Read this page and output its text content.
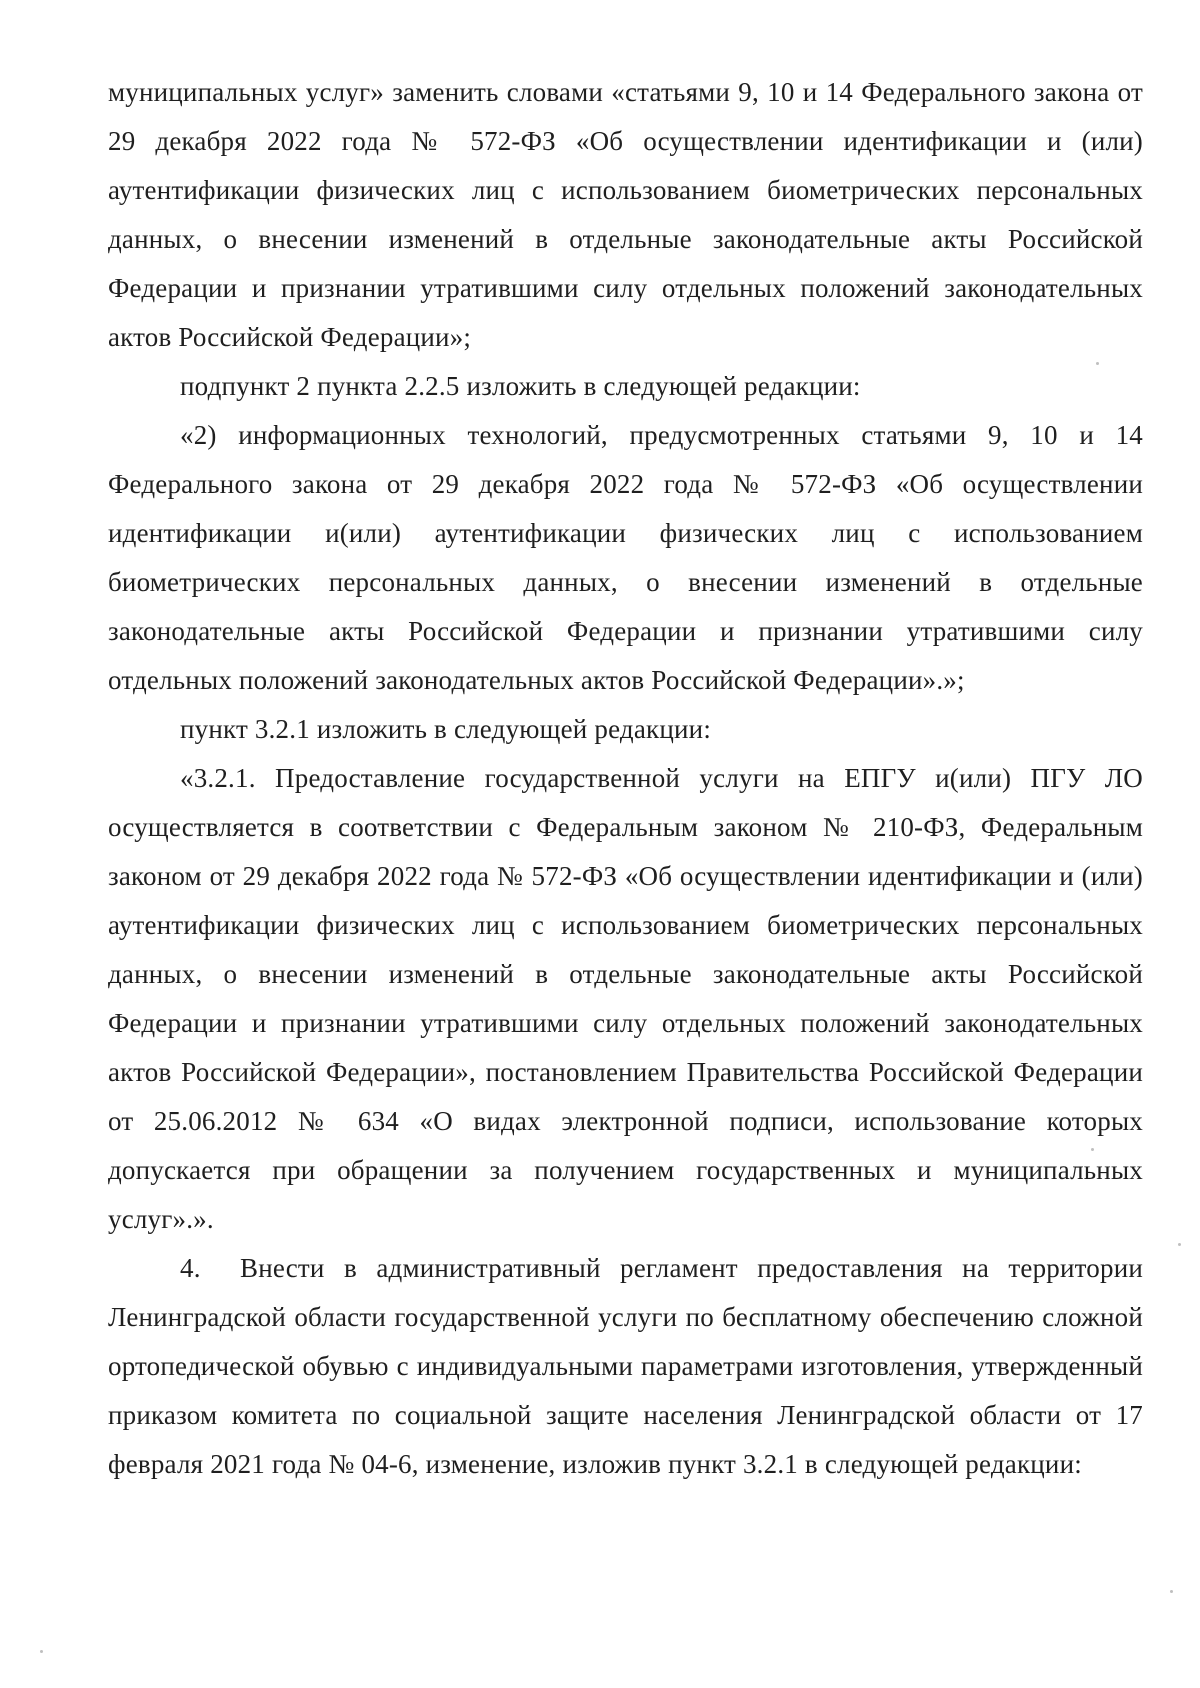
муниципальных услуг» заменить словами «статьями 9, 10 и 14 Федерального закона от 29 декабря 2022 года № 572-ФЗ «Об осуществлении идентификации и (или) аутентификации физических лиц с использованием биометрических персональных данных, о внесении изменений в отдельные законодательные акты Российской Федерации и признании утратившими силу отдельных положений законодательных актов Российской Федерации»;

подпункт 2 пункта 2.2.5 изложить в следующей редакции:

«2) информационных технологий, предусмотренных статьями 9, 10 и 14 Федерального закона от 29 декабря 2022 года № 572-ФЗ «Об осуществлении идентификации и(или) аутентификации физических лиц с использованием биометрических персональных данных, о внесении изменений в отдельные законодательные акты Российской Федерации и признании утратившими силу отдельных положений законодательных актов Российской Федерации».»;

пункт 3.2.1 изложить в следующей редакции:

«3.2.1. Предоставление государственной услуги на ЕПГУ и(или) ПГУ ЛО осуществляется в соответствии с Федеральным законом № 210-ФЗ, Федеральным законом от 29 декабря 2022 года № 572-ФЗ «Об осуществлении идентификации и (или) аутентификации физических лиц с использованием биометрических персональных данных, о внесении изменений в отдельные законодательные акты Российской Федерации и признании утратившими силу отдельных положений законодательных актов Российской Федерации», постановлением Правительства Российской Федерации от 25.06.2012 № 634 «О видах электронной подписи, использование которых допускается при обращении за получением государственных и муниципальных услуг».».

4. Внести в административный регламент предоставления на территории Ленинградской области государственной услуги по бесплатному обеспечению сложной ортопедической обувью с индивидуальными параметрами изготовления, утвержденный приказом комитета по социальной защите населения Ленинградской области от 17 февраля 2021 года № 04-6, изменение, изложив пункт 3.2.1 в следующей редакции:
